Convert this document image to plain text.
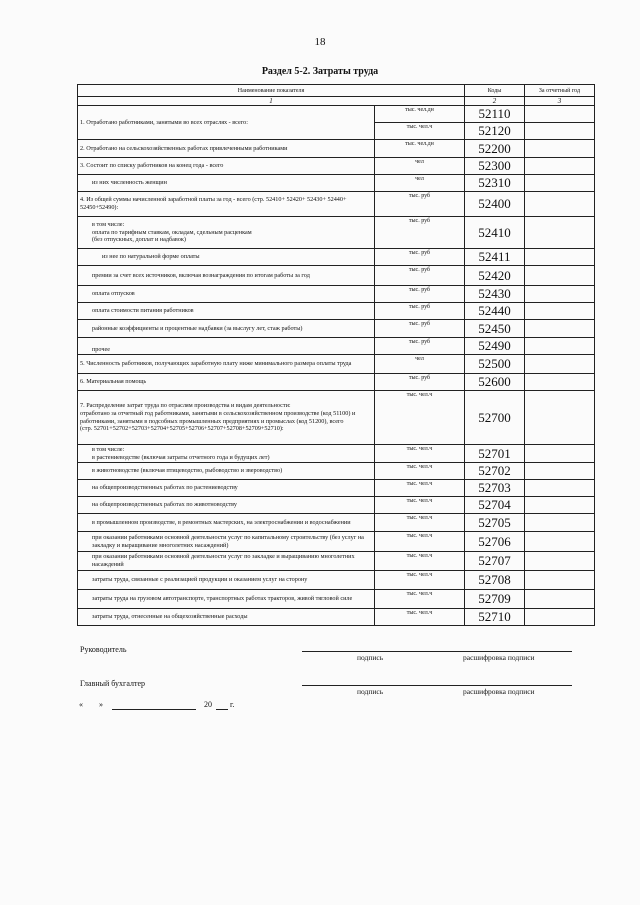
18
Раздел 5-2. Затраты труда
Наименование показателя		Коды	За отчетный год
1		2	3
1. Отработано работниками, занятыми во всех отраслях - всего:	тыс. чел.дн	52110	
	тыс. чел.ч	52120	
2. Отработано на сельскохозяйственных работах привлеченными работниками	тыс. чел.дн	52200	
3. Состоит по списку работников на конец года - всего	чел	52300	
из них численность женщин	чел	52310	
4. Из общей суммы начисленной заработной платы за год - всего (стр. 52410+ 52420+ 52430+ 52440+ 52450+52490):	тыс. руб	52400	
в том числе:
оплата по тарифным ставкам, окладам, сдельным расценкам
(без отпускных, доплат и надбавок)	тыс. руб	52410	
из нее по натуральной форме оплаты	тыс. руб	52411	
премии за счет всех источников, включая вознаграждения по итогам работы за год	тыс. руб	52420	
оплата отпусков	тыс. руб	52430	
оплата стоимости питания работников	тыс. руб	52440	
районные коэффициенты и процентные надбавки (за выслугу лет, стаж работы)	тыс. руб	52450	
прочее	тыс. руб	52490	
5. Численность работников, получающих заработную плату ниже минимального размера оплаты труда	чел	52500	
6. Материальная помощь	тыс. руб	52600	
7. Распределение затрат труда по отраслям производства и видам деятельности:
отработано за отчетный год работниками, занятыми в сельскохозяйственном производстве (код 51100) и работниками, занятыми в подсобных промышленных предприятиях и промыслах (код 51200), всего
(стр. 52701+52702+52703+52704+52705+52706+52707+52708+52709+52710):	тыс. чел.ч	52700	
в том числе:
в растениеводстве (включая затраты отчетного года и будущих лет)	тыс. чел.ч	52701	
в животноводстве (включая птицеводство, рыбоводство и звероводство)	тыс. чел.ч	52702	
на общепроизводственных работах по растениеводству	тыс. чел.ч	52703	
на общепроизводственных работах по животноводству	тыс. чел.ч	52704	
в промышленном производстве, в ремонтных мастерских, на электроснабжении и водоснабжении	тыс. чел.ч	52705	
при оказании работниками основной деятельности услуг по капитальному строительству (без услуг на закладку и выращивание многолетних насаждений)	тыс. чел.ч	52706	
при оказании работниками основной деятельности услуг по закладке и выращиванию многолетних насаждений	тыс. чел.ч	52707	
затраты труда, связанные с реализацией продукции и оказанием услуг на сторону	тыс. чел.ч	52708	
затраты труда на грузовом автотранспорте, транспортных работах тракторов, живой тягловой силе	тыс. чел.ч	52709	
затраты труда, отнесенные на общехозяйственные расходы	тыс. чел.ч	52710	
Руководитель
подпись	расшифровка подписи
Главный бухгалтер
подпись	расшифровка подписи
« »	20 г.
